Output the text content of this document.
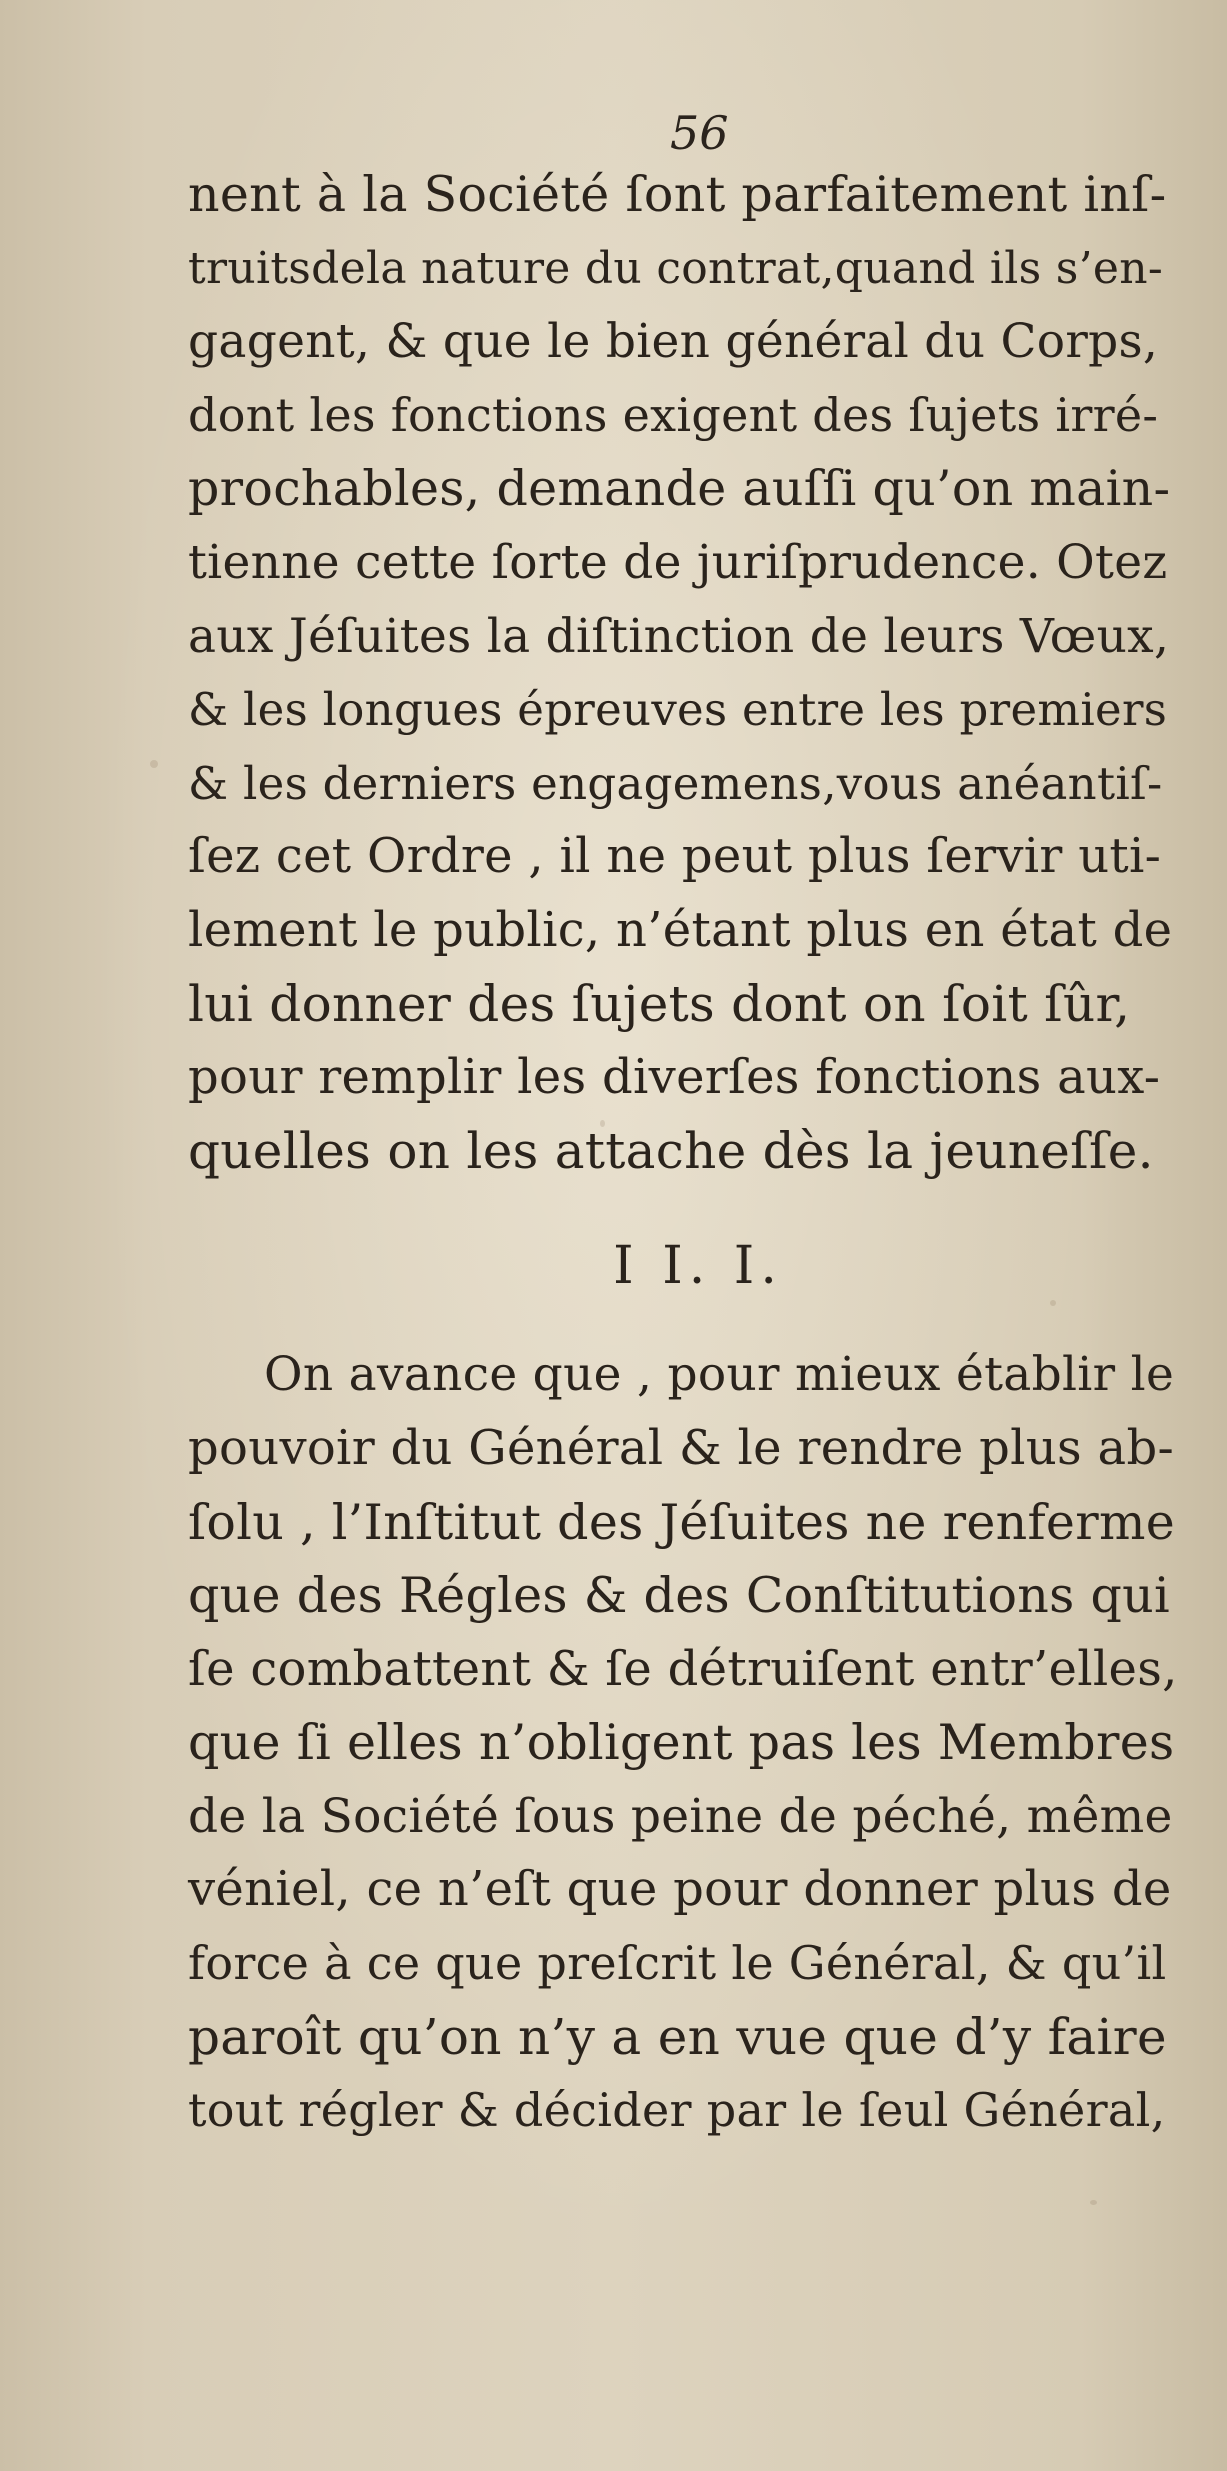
56
nent à la Société ſont parfaitement inſ-
truitsdela nature du contrat,quand ils s’en-
gagent, & que le bien général du Corps,
dont les fonctions exigent des ſujets irré-
prochables, demande auſſi qu’on main-
tienne cette ſorte de juriſprudence. Otez
aux Jéſuites la diſtinction de leurs Vœux,
& les longues épreuves entre les premiers
& les derniers engagemens,vous anéantiſ-
ſez cet Ordre , il ne peut plus ſervir uti-
lement le public, n’étant plus en état de
lui donner des ſujets dont on ſoit ſûr,
pour remplir les diverſes fonctions aux-
quelles on les attache dès la jeuneſſe.
I I. I.
On avance que , pour mieux établir le
pouvoir du Général & le rendre plus ab-
ſolu , l’Inſtitut des Jéſuites ne renferme
que des Régles & des Conſtitutions qui
ſe combattent & ſe détruiſent entr’elles,
que ſi elles n’obligent pas les Membres
de la Société ſous peine de péché, même
véniel, ce n’eſt que pour donner plus de
force à ce que preſcrit le Général, & qu’il
paroît qu’on n’y a en vue que d’y faire
tout régler & décider par le ſeul Général,
